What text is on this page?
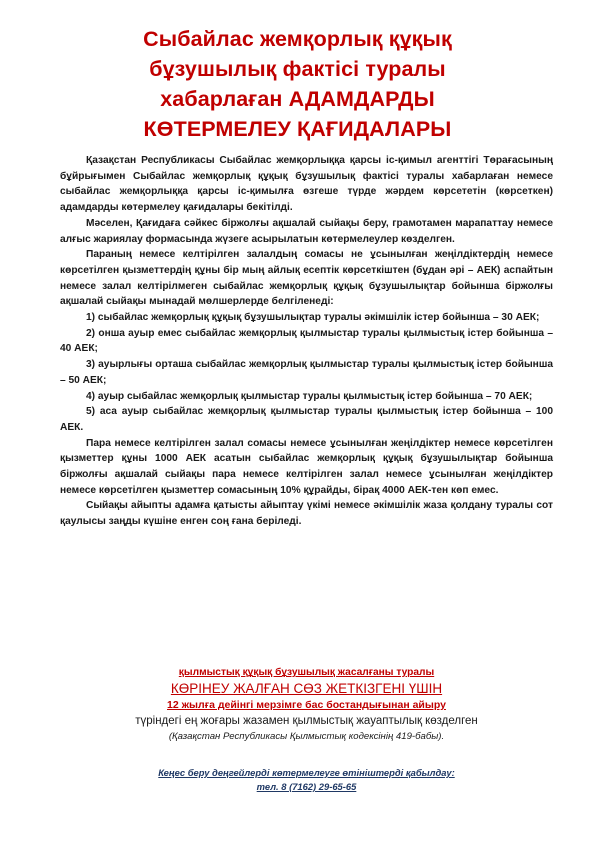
Сыбайлас жемқорлық құқық
бұзушылық фактісі туралы
хабарлаған АДАМДАРДЫ
КӨТЕРМЕЛЕУ ҚАҒИДАЛАРЫ

Қазақстан Республикасы Сыбайлас жемқорлыққа қарсы іс-қимыл агенттігі Төрағасының бұйрығымен Сыбайлас жемқорлық құқық бұзушылық фактісі туралы хабарлаған немесе сыбайлас жемқорлыққа қарсы іс-қимылға өзгеше түрде жәрдем көрсететін (көрсеткен) адамдарды көтермелеу қағидалары бекітілді.

Мәселен, Қағидаға сәйкес біржолғы ақшалай сыйақы беру, грамотамен марапаттау немесе алғыс жариялау формасында жүзеге асырылатын көтермелеулер көзделген.

Параның немесе келтірілген залалдың сомасы не ұсынылған жеңілдіктердің немесе көрсетілген қызметтердің құны бір мың айлық есептік көрсеткіштен (бұдан әрі – АЕК) аспайтын немесе залал келтірілмеген сыбайлас жемқорлық құқық бұзушылықтар бойынша біржолғы ақшалай сыйақы мынадай мөлшерлерде белгіленеді:

1) сыбайлас жемқорлық құқық бұзушылықтар туралы әкімшілік істер бойынша – 30 АЕК;

2) онша ауыр емес сыбайлас жемқорлық қылмыстар туралы қылмыстық істер бойынша – 40 АЕК;

3) ауырлығы орташа сыбайлас жемқорлық қылмыстар туралы қылмыстық істер бойынша – 50 АЕК;

4) ауыр сыбайлас жемқорлық қылмыстар туралы қылмыстық істер бойынша – 70 АЕК;

5) аса ауыр сыбайлас жемқорлық қылмыстар туралы қылмыстық істер бойынша – 100 АЕК.

Пара немесе келтірілген залал сомасы немесе ұсынылған жеңілдіктер немесе көрсетілген қызметтер құны 1000 АЕК асатын сыбайлас жемқорлық құқық бұзушылықтар бойынша біржолғы ақшалай сыйақы пара немесе келтірілген залал немесе ұсынылған жеңілдіктер немесе көрсетілген қызметтер сомасының 10% құрайды, бірақ 4000 АЕК-тен көп емес.

Сыйақы айыпты адамға қатысты айыптау үкімі немесе әкімшілік жаза қолдану туралы сот қаулысы заңды күшіне енген соң ғана беріледі.

қылмыстық құқық бұзушылық жасалғаны туралы
КӨРІНЕУ ЖАЛҒАН СӨЗ ЖЕТКІЗГЕНІ ҮШІН
12 жылға дейінгі мерзімге бас бостандығынан айыру
түріндегі ең жоғары жазамен қылмыстық жауаптылық көзделген
(Қазақстан Республикасы Қылмыстық кодексінің 419-бабы).
Кеңес беру деңгейлерді көтермелеуге өтініштерді қабылдау:
тел. 8 (7162) 29-65-65
